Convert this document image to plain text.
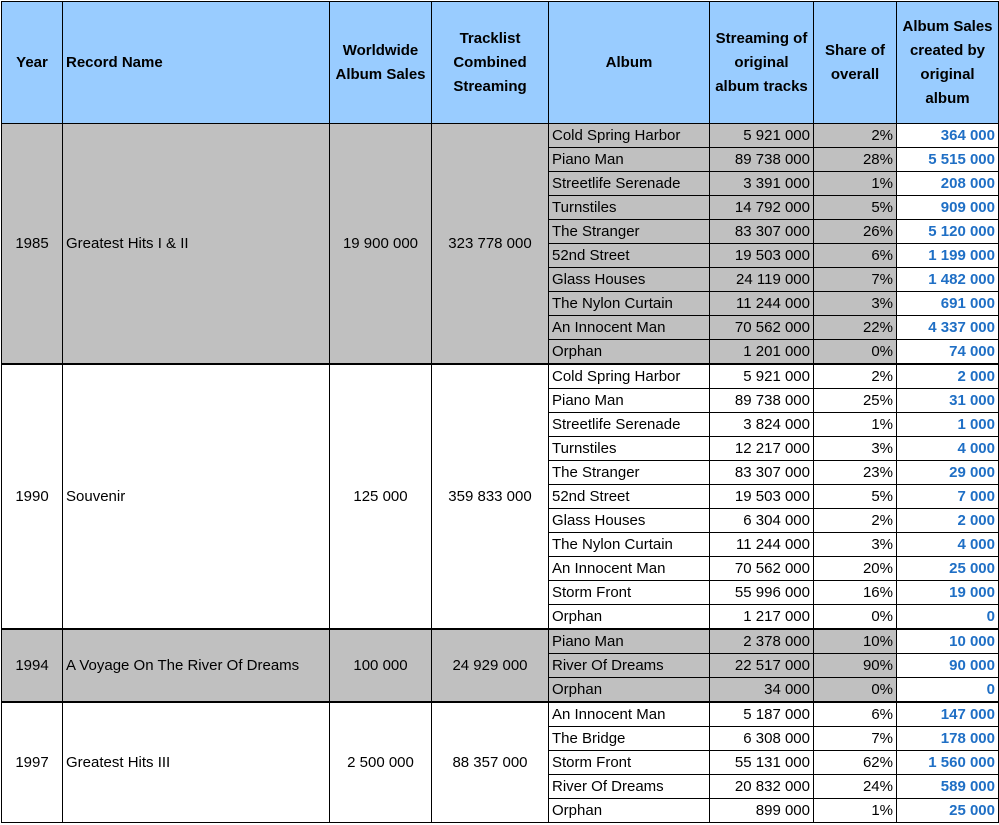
Year	Record Name	Worldwide Album Sales	Tracklist Combined Streaming	Album	Streaming of original album tracks	Share of overall	Album Sales created by original album
1985	Greatest Hits I & II	19 900 000	323 778 000	Cold Spring Harbor	5 921 000	2%	364 000
				Piano Man	89 738 000	28%	5 515 000
				Streetlife Serenade	3 391 000	1%	208 000
				Turnstiles	14 792 000	5%	909 000
				The Stranger	83 307 000	26%	5 120 000
				52nd Street	19 503 000	6%	1 199 000
				Glass Houses	24 119 000	7%	1 482 000
				The Nylon Curtain	11 244 000	3%	691 000
				An Innocent Man	70 562 000	22%	4 337 000
				Orphan	1 201 000	0%	74 000
1990	Souvenir	125 000	359 833 000	Cold Spring Harbor	5 921 000	2%	2 000
				Piano Man	89 738 000	25%	31 000
				Streetlife Serenade	3 824 000	1%	1 000
				Turnstiles	12 217 000	3%	4 000
				The Stranger	83 307 000	23%	29 000
				52nd Street	19 503 000	5%	7 000
				Glass Houses	6 304 000	2%	2 000
				The Nylon Curtain	11 244 000	3%	4 000
				An Innocent Man	70 562 000	20%	25 000
				Storm Front	55 996 000	16%	19 000
				Orphan	1 217 000	0%	0
1994	A Voyage On The River Of Dreams	100 000	24 929 000	Piano Man	2 378 000	10%	10 000
				River Of Dreams	22 517 000	90%	90 000
				Orphan	34 000	0%	0
1997	Greatest Hits III	2 500 000	88 357 000	An Innocent Man	5 187 000	6%	147 000
				The Bridge	6 308 000	7%	178 000
				Storm Front	55 131 000	62%	1 560 000
				River Of Dreams	20 832 000	24%	589 000
				Orphan	899 000	1%	25 000
